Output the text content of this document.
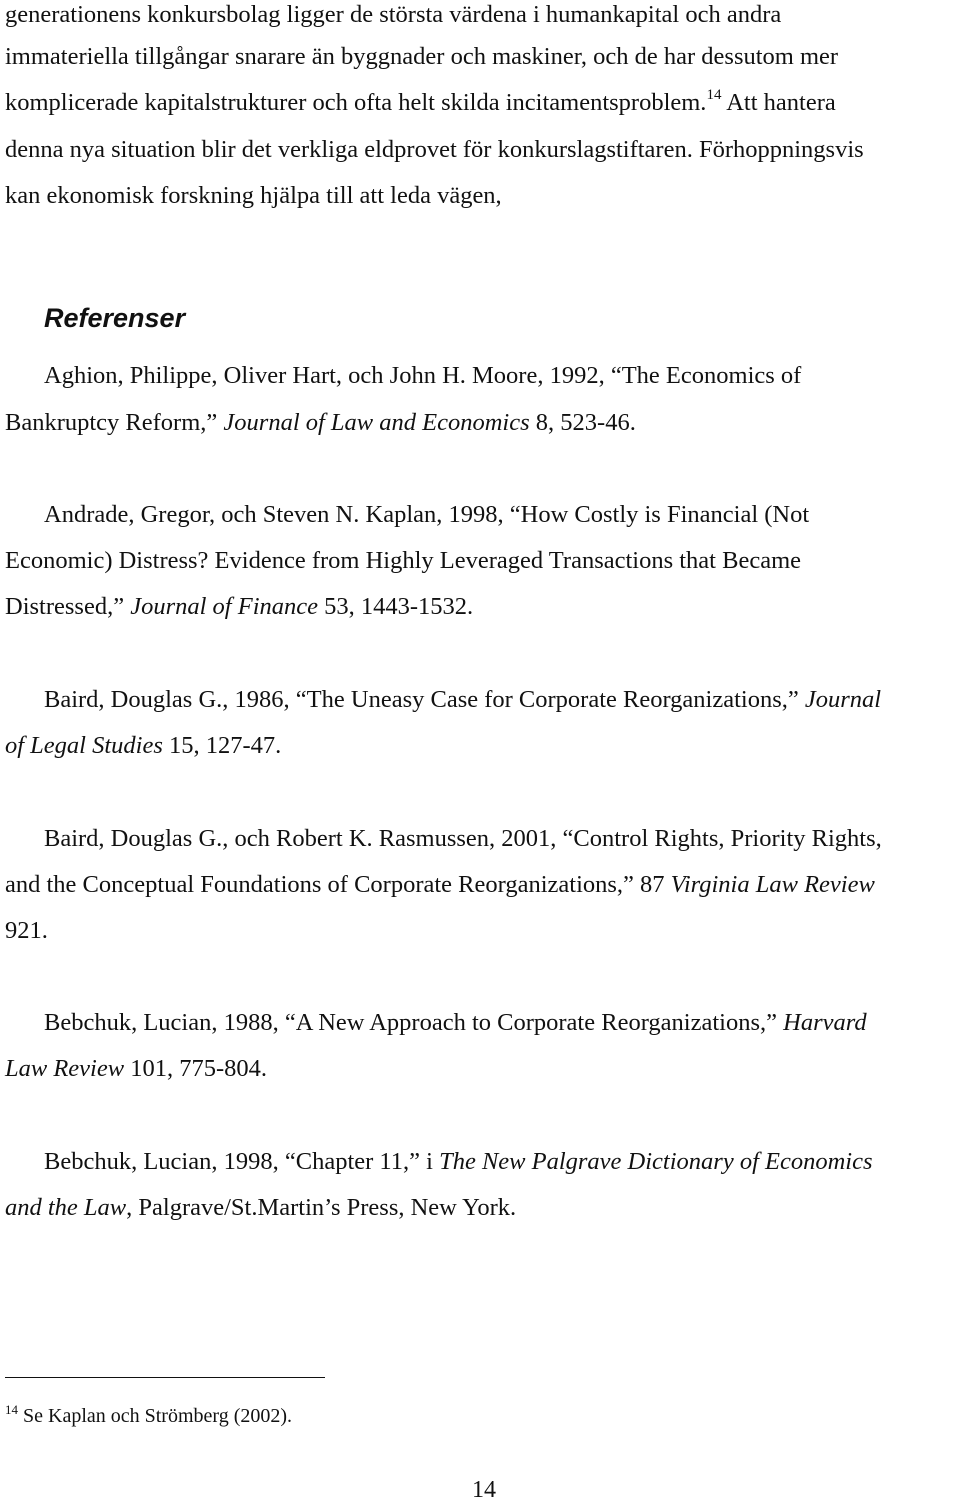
generationens konkursbolag ligger de största värdena i humankapital och andra
immateriella tillgångar snarare än byggnader och maskiner, och de har dessutom mer
komplicerade kapitalstrukturer och ofta helt skilda incitamentsproblem.$^{14}$ Att hantera
denna nya situation blir det verkliga eldprovet för konkurslagstiftaren. Förhoppningsvis
kan ekonomisk forskning hjälpa till att leda vägen,
Referenser
Aghion, Philippe, Oliver Hart, och John H. Moore, 1992, “The Economics of
Bankruptcy Reform,” Journal of Law and Economics 8, 523-46.
Andrade, Gregor, och Steven N. Kaplan, 1998, “How Costly is Financial (Not
Economic) Distress? Evidence from Highly Leveraged Transactions that Became
Distressed,” Journal of Finance 53, 1443-1532.
Baird, Douglas G., 1986, “The Uneasy Case for Corporate Reorganizations,” Journal
of Legal Studies 15, 127-47.
Baird, Douglas G., och Robert K. Rasmussen, 2001, “Control Rights, Priority Rights,
and the Conceptual Foundations of Corporate Reorganizations,” 87 Virginia Law Review
921.
Bebchuk, Lucian, 1988, “A New Approach to Corporate Reorganizations,” Harvard
Law Review 101, 775-804.
Bebchuk, Lucian, 1998, “Chapter 11,” i The New Palgrave Dictionary of Economics
and the Law, Palgrave/St.Martin’s Press, New York.
$^{14}$ Se Kaplan och Strömberg (2002).
14
